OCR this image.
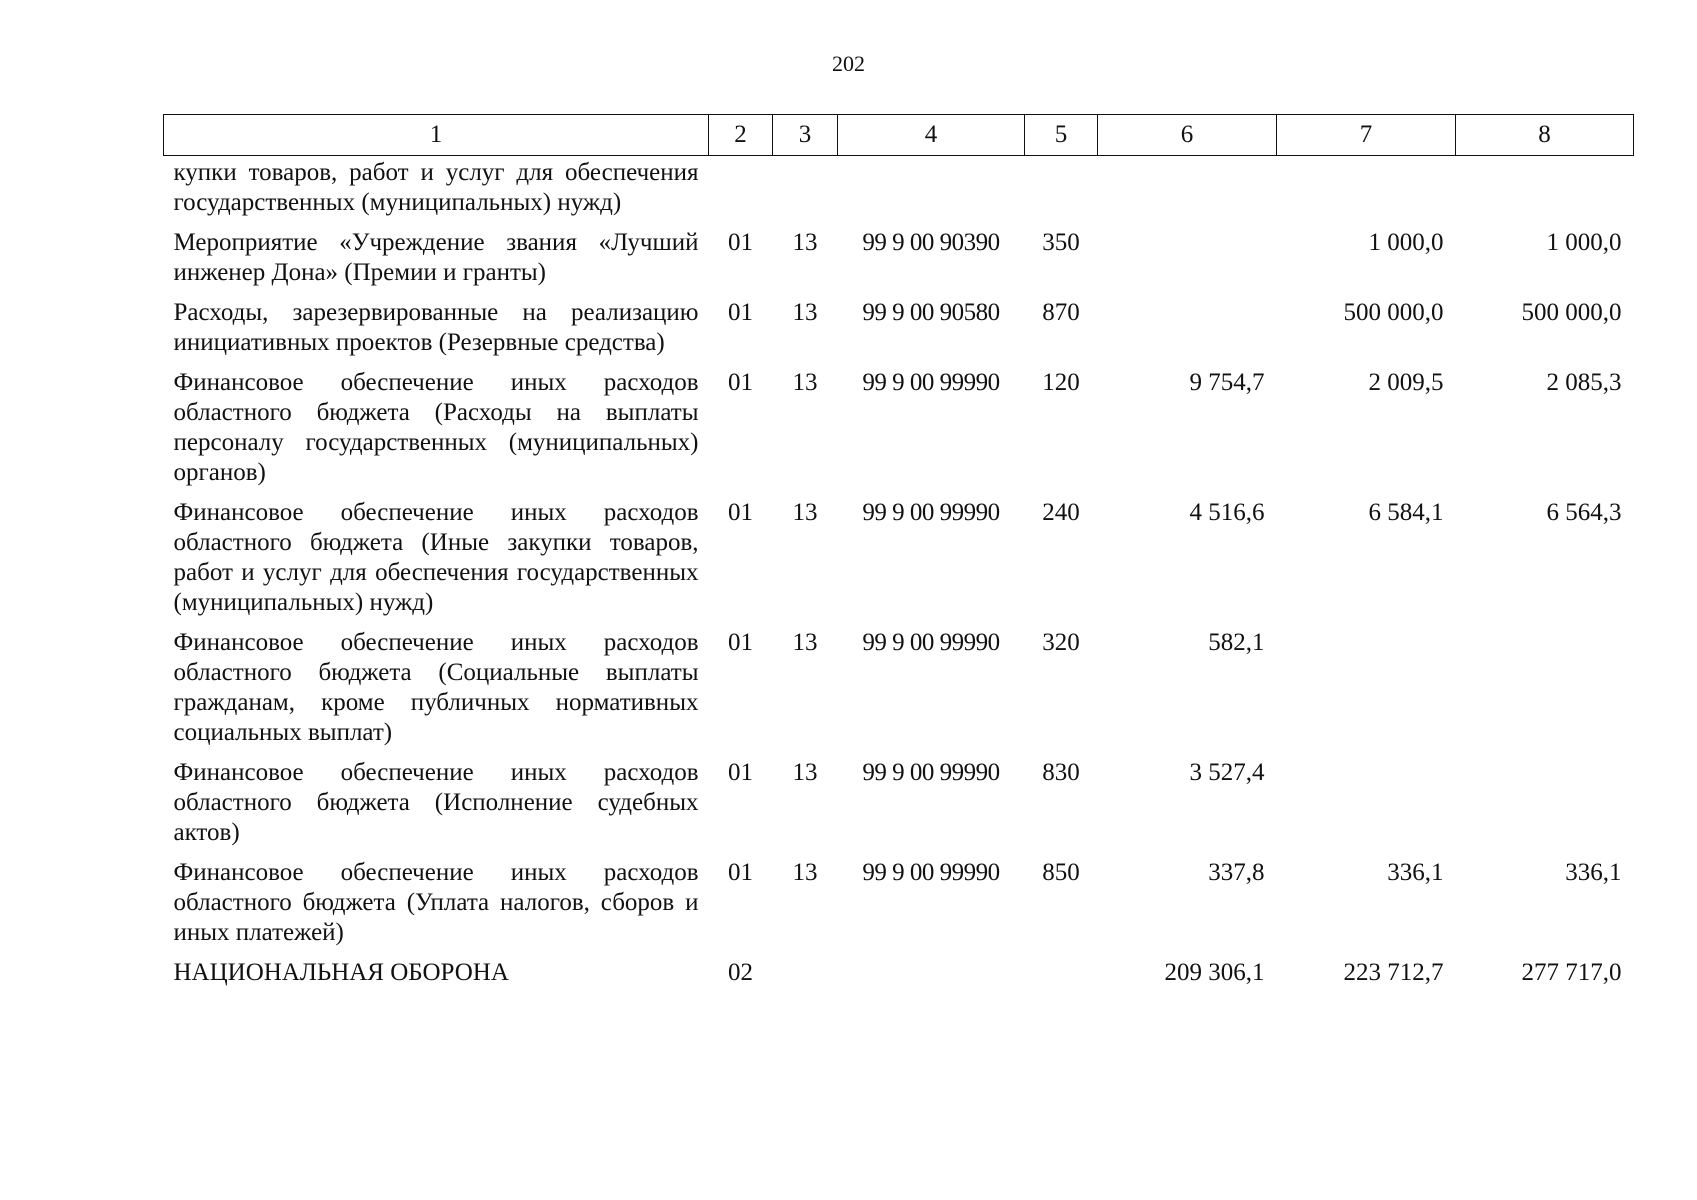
202
1	2	3	4	5	6	7	8
купки товаров, работ и услуг для обеспечения государственных (муниципальных) нужд)							
Мероприятие «Учреждение звания «Лучший инженер Дона» (Премии и гранты)	01	13	99 9 00 90390	350		1 000,0	1 000,0
Расходы, зарезервированные на реализацию инициативных проектов (Резервные средства)	01	13	99 9 00 90580	870		500 000,0	500 000,0
Финансовое обеспечение иных расходов областного бюджета (Расходы на выплаты персоналу государственных (муниципальных) органов)	01	13	99 9 00 99990	120	9 754,7	2 009,5	2 085,3
Финансовое обеспечение иных расходов областного бюджета (Иные закупки товаров, работ и услуг для обеспечения государственных (муниципальных) нужд)	01	13	99 9 00 99990	240	4 516,6	6 584,1	6 564,3
Финансовое обеспечение иных расходов областного бюджета (Социальные выплаты гражданам, кроме публичных нормативных социальных выплат)	01	13	99 9 00 99990	320	582,1		
Финансовое обеспечение иных расходов областного бюджета (Исполнение судебных актов)	01	13	99 9 00 99990	830	3 527,4		
Финансовое обеспечение иных расходов областного бюджета (Уплата налогов, сборов и иных платежей)	01	13	99 9 00 99990	850	337,8	336,1	336,1
НАЦИОНАЛЬНАЯ ОБОРОНА	02				209 306,1	223 712,7	277 717,0
